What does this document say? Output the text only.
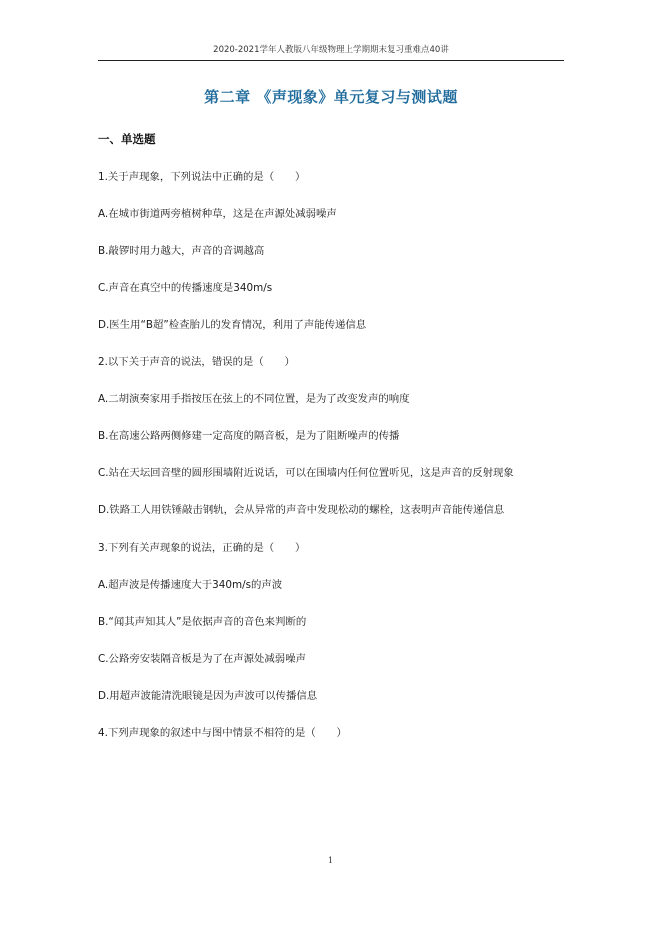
2020-2021学年人教版八年级物理上学期期末复习重难点40讲
第二章 《声现象》单元复习与测试题
一、单选题
1.关于声现象，下列说法中正确的是（　　）
A.在城市街道两旁植树种草，这是在声源处减弱噪声
B.敲锣时用力越大，声音的音调越高
C.声音在真空中的传播速度是340m/s
D.医生用“B超”检查胎儿的发育情况，利用了声能传递信息
2.以下关于声音的说法，错误的是（　　）
A.二胡演奏家用手指按压在弦上的不同位置，是为了改变发声的响度
B.在高速公路两侧修建一定高度的隔音板，是为了阻断噪声的传播
C.站在天坛回音壁的圆形围墙附近说话，可以在围墙内任何位置听见，这是声音的反射现象
D.铁路工人用铁锤敲击钢轨，会从异常的声音中发现松动的螺栓，这表明声音能传递信息
3.下列有关声现象的说法，正确的是（　　）
A.超声波是传播速度大于340m/s的声波
B.“闻其声知其人”是依据声音的音色来判断的
C.公路旁安装隔音板是为了在声源处减弱噪声
D.用超声波能清洗眼镜是因为声波可以传播信息
4.下列声现象的叙述中与图中情景不相符的是（　　）
1
